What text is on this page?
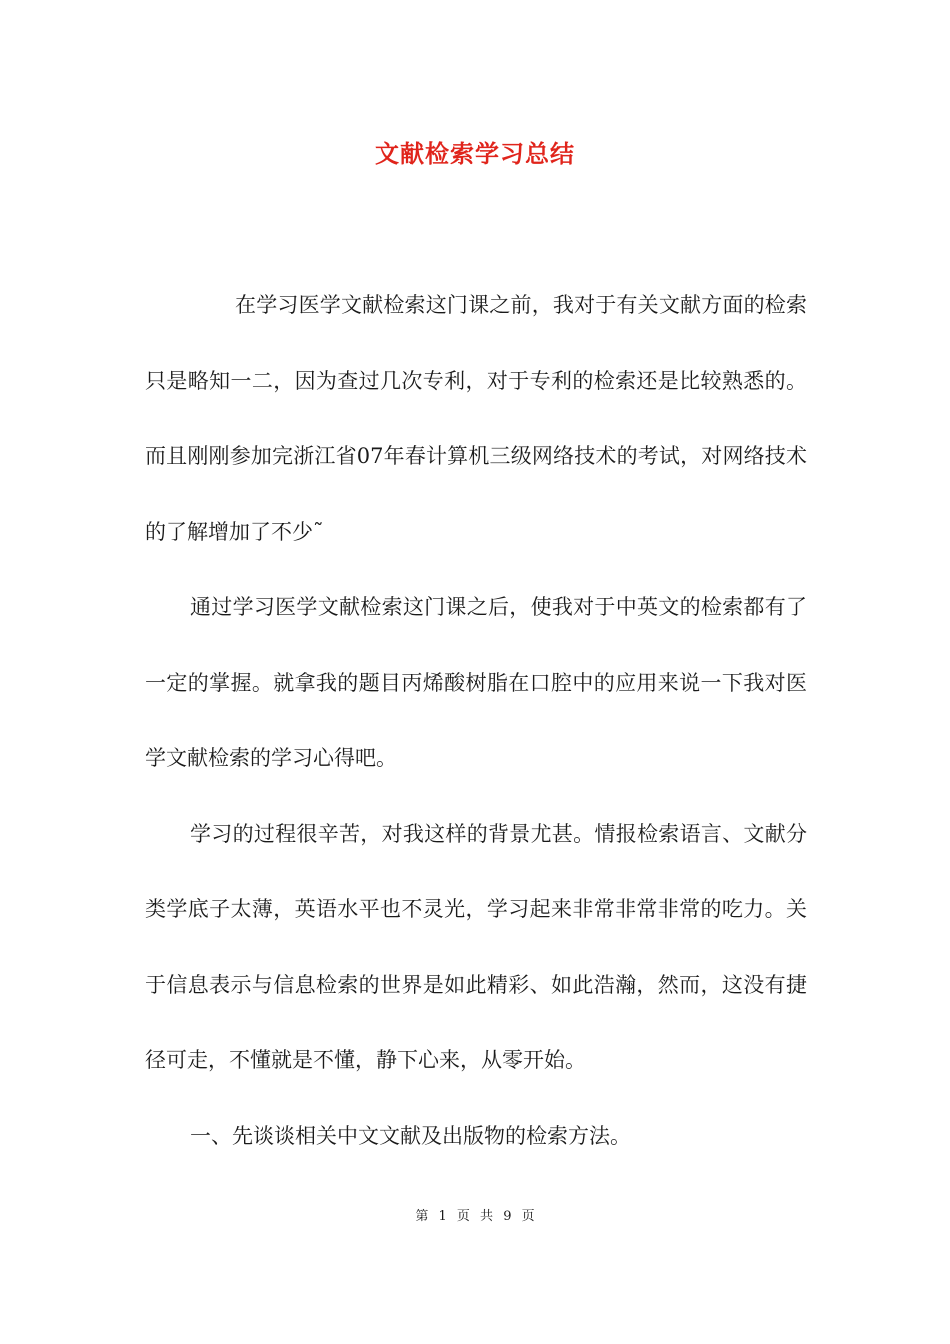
文献检索学习总结

在学习医学文献检索这门课之前，我对于有关文献方面的检索只是略知一二，因为查过几次专利，对于专利的检索还是比较熟悉的。 而且刚刚参加完浙江省07年春计算机三级网络技术的考试，对网络技术的了解增加了不少˜

通过学习医学文献检索这门课之后，使我对于中英文的检索都有了一定的掌握。就拿我的题目丙烯酸树脂在口腔中的应用来说一下我对医学文献检索的学习心得吧。

学习的过程很辛苦，对我这样的背景尤甚。情报检索语言、文献分类学底子太薄，英语水平也不灵光，学习起来非常非常非常的吃力。关于信息表示与信息检索的世界是如此精彩、如此浩瀚，然而，这没有捷径可走，不懂就是不懂，静下心来，从零开始。

一、先谈谈相关中文文献及出版物的检索方法。

第 1 页 共 9 页
